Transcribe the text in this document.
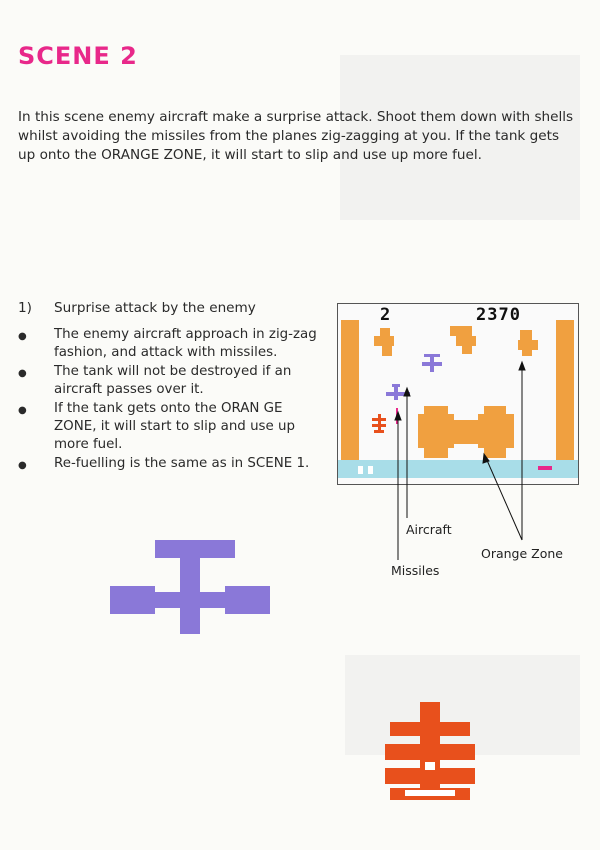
SCENE 2
In this scene enemy aircraft make a surprise attack. Shoot them down with shells whilst avoiding the missiles from the planes zig-zagging at you. If the tank gets up onto the ORANGE ZONE, it will start to slip and use up more fuel.
1) Surprise attack by the enemy
● The enemy aircraft approach in zig-zag fashion, and attack with missiles.
● The tank will not be destroyed if an aircraft passes over it.
● If the tank gets onto the ORAN GE ZONE, it will start to slip and use up more fuel.
● Re-fuelling is the same as in SCENE 1.
2	2370
Aircraft
Orange Zone
Missiles
